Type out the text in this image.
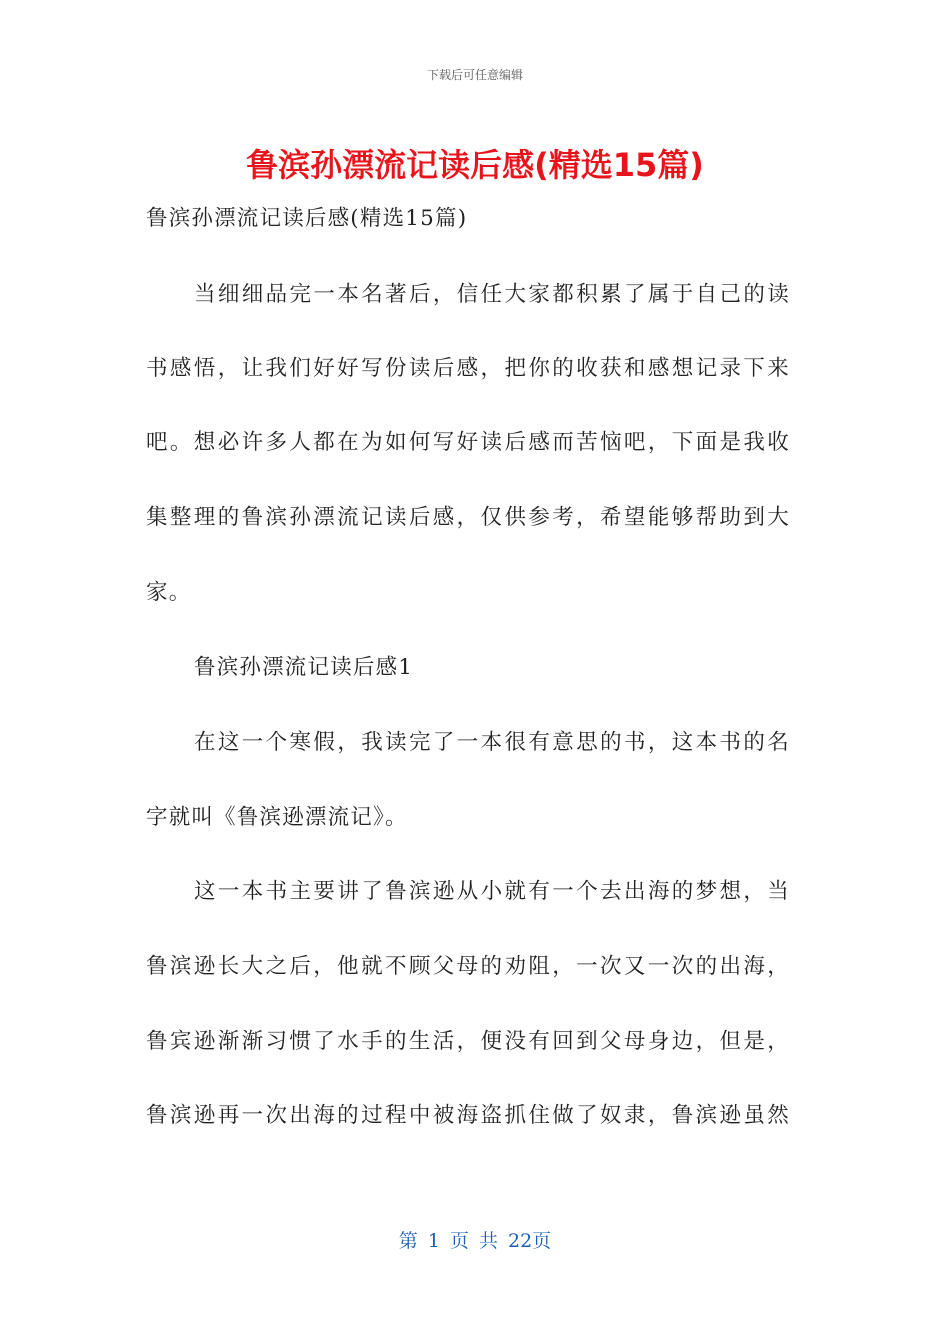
下载后可任意编辑
鲁滨孙漂流记读后感(精选15篇)
鲁滨孙漂流记读后感(精选15篇)
当细细品完一本名著后，信任大家都积累了属于自己的读
书感悟，让我们好好写份读后感，把你的收获和感想记录下来
吧。想必许多人都在为如何写好读后感而苦恼吧，下面是我收
集整理的鲁滨孙漂流记读后感，仅供参考，希望能够帮助到大
家。
鲁滨孙漂流记读后感1
在这一个寒假，我读完了一本很有意思的书，这本书的名
字就叫《鲁滨逊漂流记》。
这一本书主要讲了鲁滨逊从小就有一个去出海的梦想，当
鲁滨逊长大之后，他就不顾父母的劝阻，一次又一次的出海，
鲁宾逊渐渐习惯了水手的生活，便没有回到父母身边，但是，
鲁滨逊再一次出海的过程中被海盗抓住做了奴隶，鲁滨逊虽然
第 1 页 共 22页
